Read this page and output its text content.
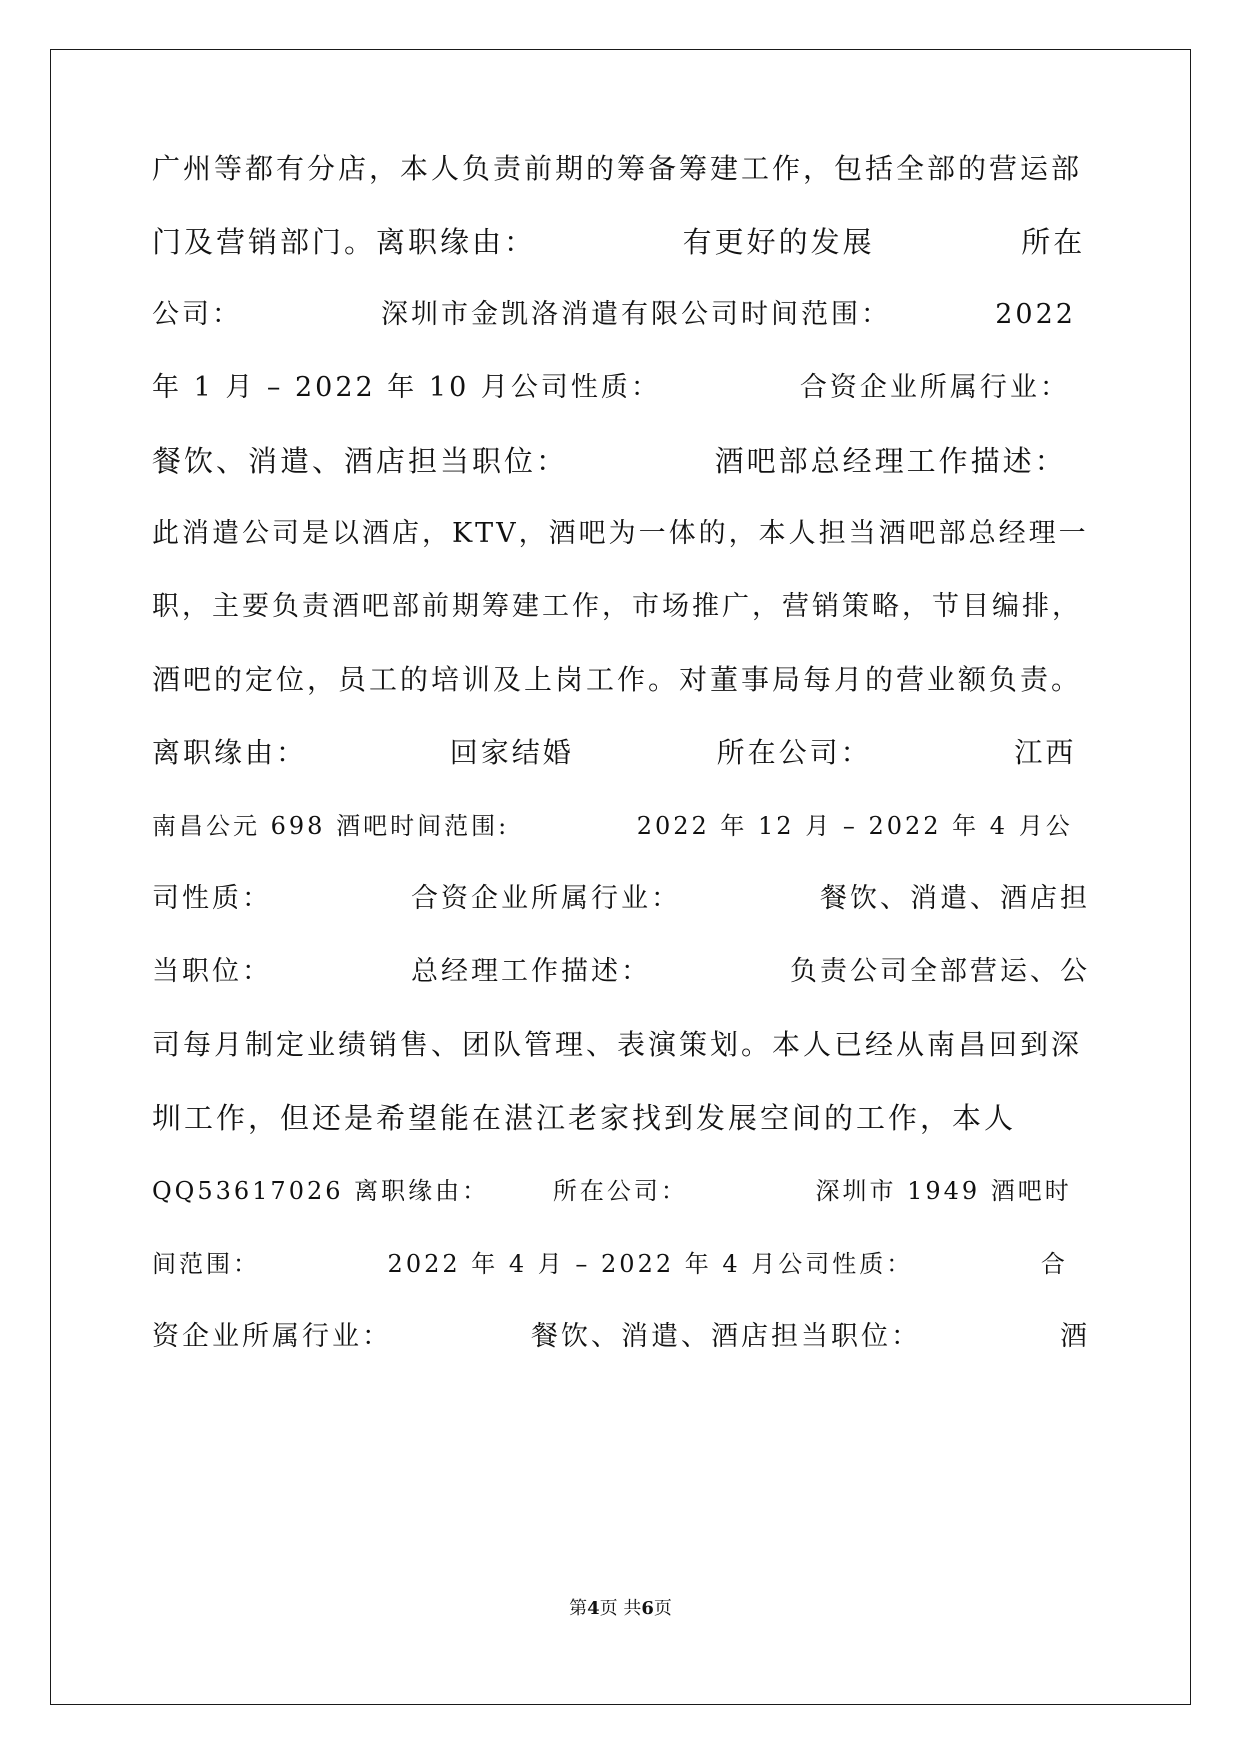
广州等都有分店，本人负责前期的筹备筹建工作，包括全部的营运部
门及营销部门。离职缘由：            有更好的发展            所在
公司：            深圳市金凯洛消遣有限公司时间范围：         2022
年 1 月 – 2022 年 10 月公司性质：            合资企业所属行业：
餐饮、消遣、酒店担当职位：            酒吧部总经理工作描述：
此消遣公司是以酒店，KTV，酒吧为一体的，本人担当酒吧部总经理一
职，主要负责酒吧部前期筹建工作，市场推广，营销策略，节目编排，
酒吧的定位，员工的培训及上岗工作。对董事局每月的营业额负责。
离职缘由：            回家结婚            所在公司：            江西
南昌公元 698 酒吧时间范围:            2022 年 12 月 – 2022 年 4 月公
司性质：            合资企业所属行业：            餐饮、消遣、酒店担
当职位：            总经理工作描述：            负责公司全部营运、公
司每月制定业绩销售、团队管理、表演策划。本人已经从南昌回到深
圳工作，但还是希望能在湛江老家找到发展空间的工作，本人
QQ53617026 离职缘由：      所在公司：            深圳市 1949 酒吧时
间范围：            2022 年 4 月 – 2022 年 4 月公司性质：            合
资企业所属行业：            餐饮、消遣、酒店担当职位：            酒
第4页 共6页
